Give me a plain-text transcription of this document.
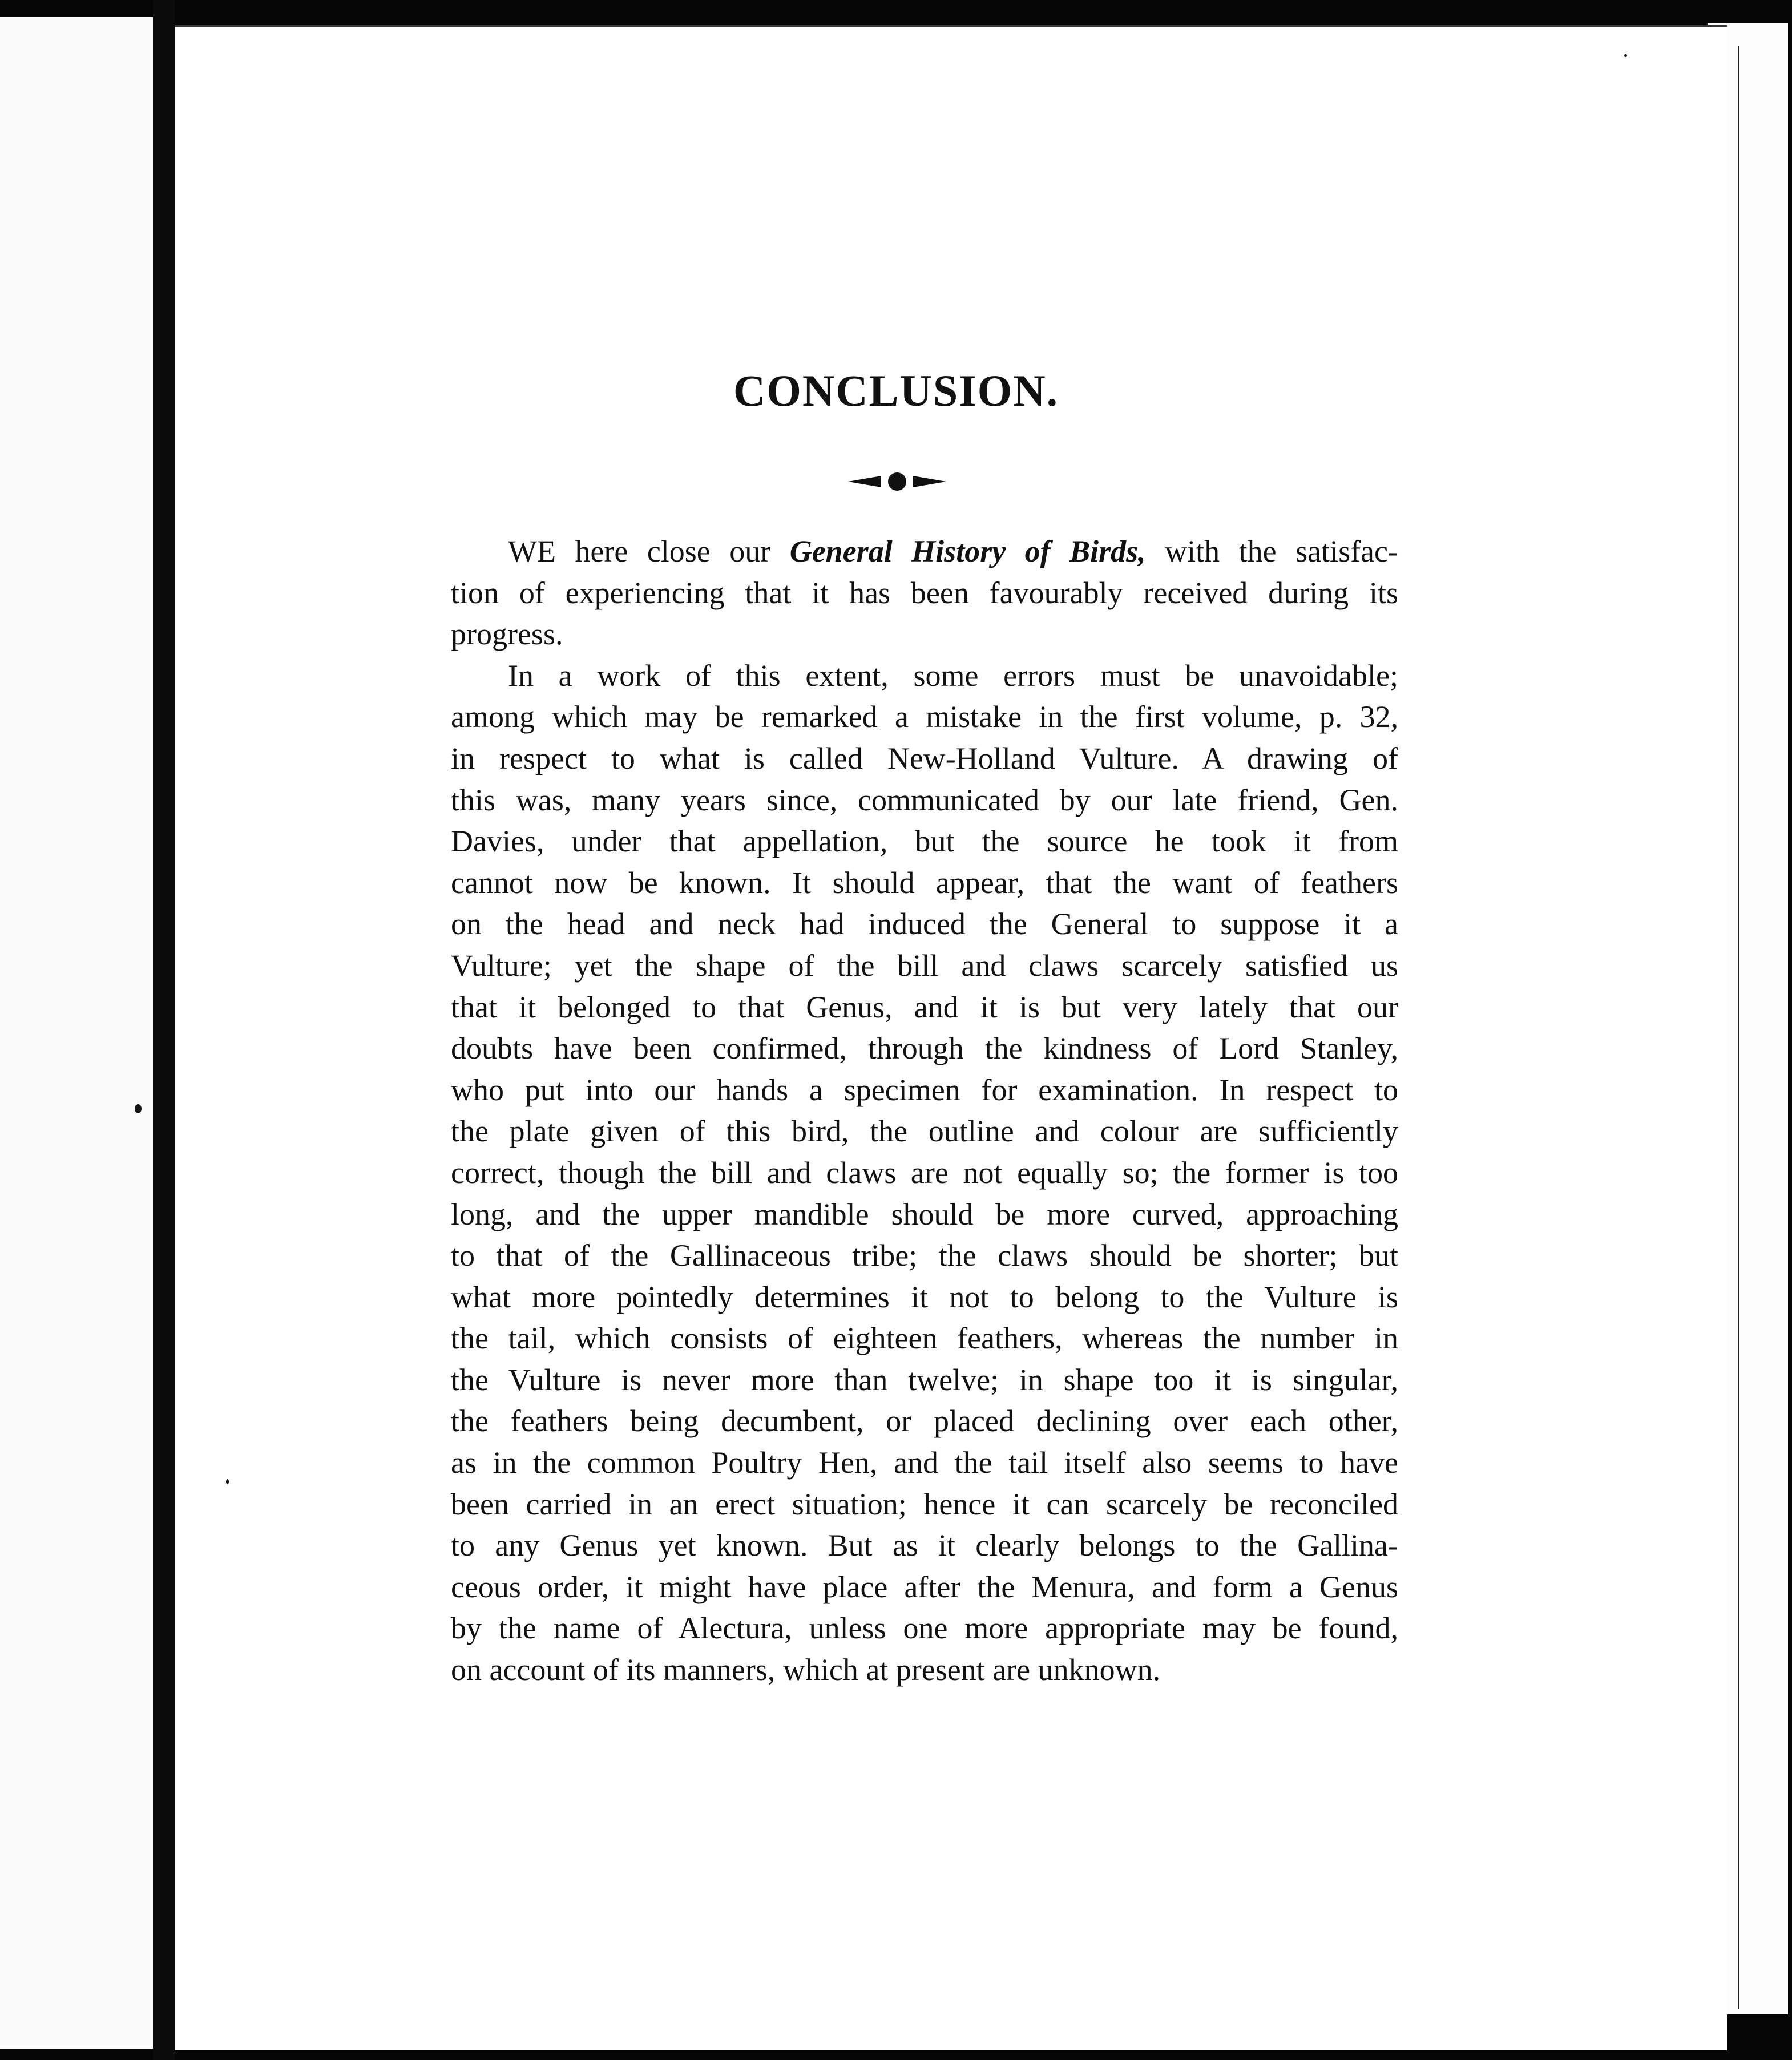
CONCLUSION.

WE here close our General History of Birds, with the satisfac-
tion of experiencing that it has been favourably received during its
progress.

In a work of this extent, some errors must be unavoidable;
among which may be remarked a mistake in the first volume, p. 32,
in respect to what is called New-Holland Vulture. A drawing of
this was, many years since, communicated by our late friend, Gen.
Davies, under that appellation, but the source he took it from
cannot now be known. It should appear, that the want of feathers
on the head and neck had induced the General to suppose it a
Vulture; yet the shape of the bill and claws scarcely satisfied us
that it belonged to that Genus, and it is but very lately that our
doubts have been confirmed, through the kindness of Lord Stanley,
who put into our hands a specimen for examination. In respect to
the plate given of this bird, the outline and colour are sufficiently
correct, though the bill and claws are not equally so; the former is too
long, and the upper mandible should be more curved, approaching
to that of the Gallinaceous tribe; the claws should be shorter; but
what more pointedly determines it not to belong to the Vulture is
the tail, which consists of eighteen feathers, whereas the number in
the Vulture is never more than twelve; in shape too it is singular,
the feathers being decumbent, or placed declining over each other,
as in the common Poultry Hen, and the tail itself also seems to have
been carried in an erect situation; hence it can scarcely be reconciled
to any Genus yet known. But as it clearly belongs to the Gallina-
ceous order, it might have place after the Menura, and form a Genus
by the name of Alectura, unless one more appropriate may be found,
on account of its manners, which at present are unknown.
